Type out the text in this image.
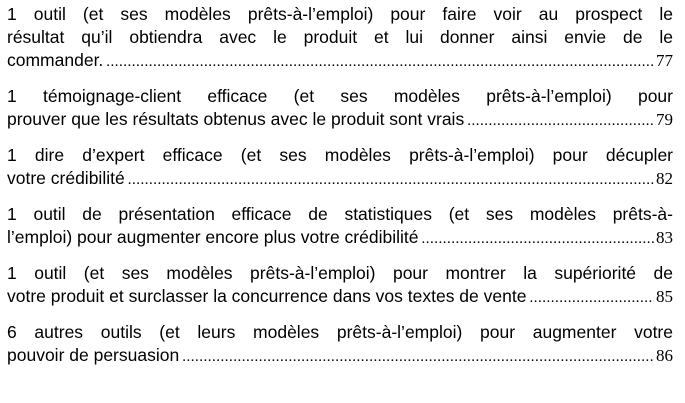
1 outil (et ses modèles prêts-à-l’emploi) pour faire voir au prospect le
résultat qu’il obtiendra avec le produit et lui donner ainsi envie de le
commander. .....	77
1 témoignage-client efficace (et ses modèles prêts-à-l’emploi) pour
prouver que les résultats obtenus avec le produit sont vrais .....	79
1 dire d’expert efficace (et ses modèles prêts-à-l’emploi) pour décupler
votre crédibilité .....	82
1 outil de présentation efficace de statistiques (et ses modèles prêts-à-
l’emploi) pour augmenter encore plus votre crédibilité .....	83
1 outil (et ses modèles prêts-à-l’emploi) pour montrer la supériorité de
votre produit et surclasser la concurrence dans vos textes de vente .....	85
6 autres outils (et leurs modèles prêts-à-l’emploi) pour augmenter votre
pouvoir de persuasion .....	86
